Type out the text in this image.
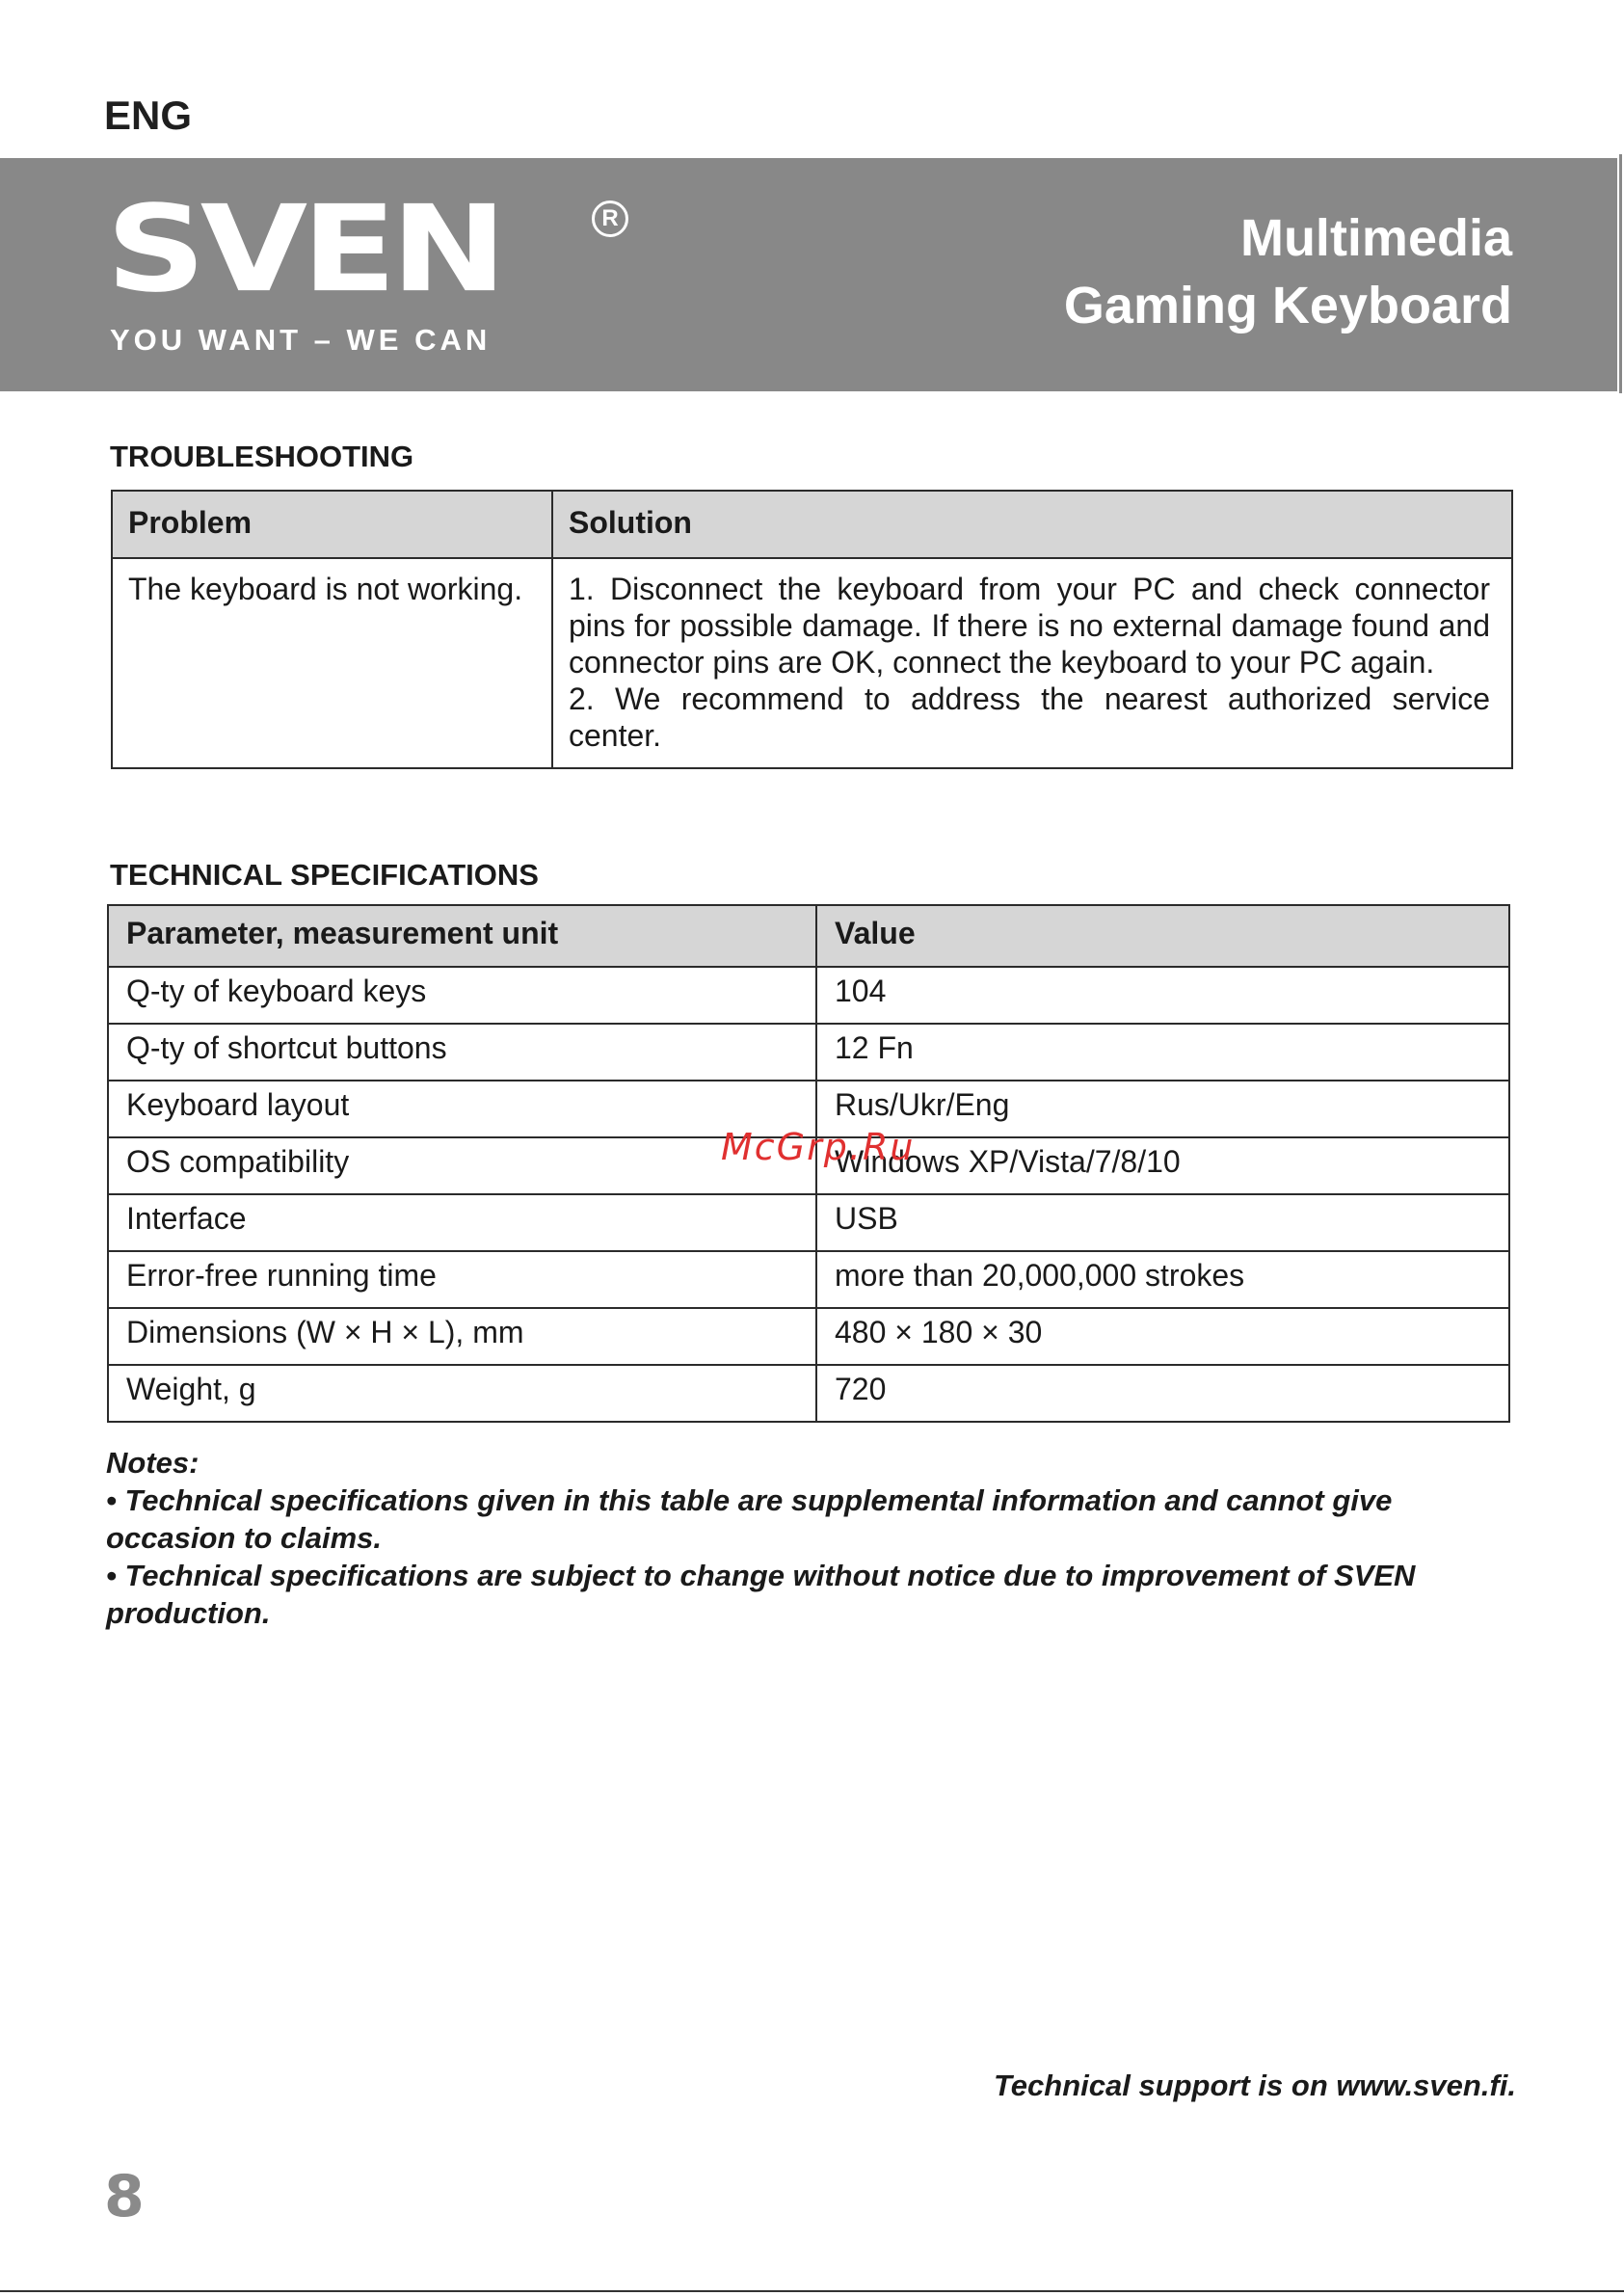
ENG
SVEN	R
YOU WANT – WE CAN
Multimedia
Gaming Keyboard
TROUBLESHOOTING
Problem	Solution
The keyboard is not working.	1. Disconnect the keyboard from your PC and check connector pins for possible damage. If there is no external damage found and connector pins are OK, connect the keyboard to your PC again.
2. We recommend to address the nearest authorized service center.
TECHNICAL SPECIFICATIONS
Parameter, measurement unit	Value
Q-ty of keyboard keys	104
Q-ty of shortcut buttons	12 Fn
Keyboard layout	Rus/Ukr/Eng
OS compatibility	Windows XP/Vista/7/8/10
Interface	USB
Error-free running time	more than 20,000,000 strokes
Dimensions (W × H × L), mm	480 × 180 × 30
Weight, g	720
McGrp.Ru

Notes:

• Technical specifications given in this table are supplemental information and cannot give occasion to claims.

• Technical specifications are subject to change without notice due to improvement of SVEN production.

Technical support is on www.sven.fi.
8
